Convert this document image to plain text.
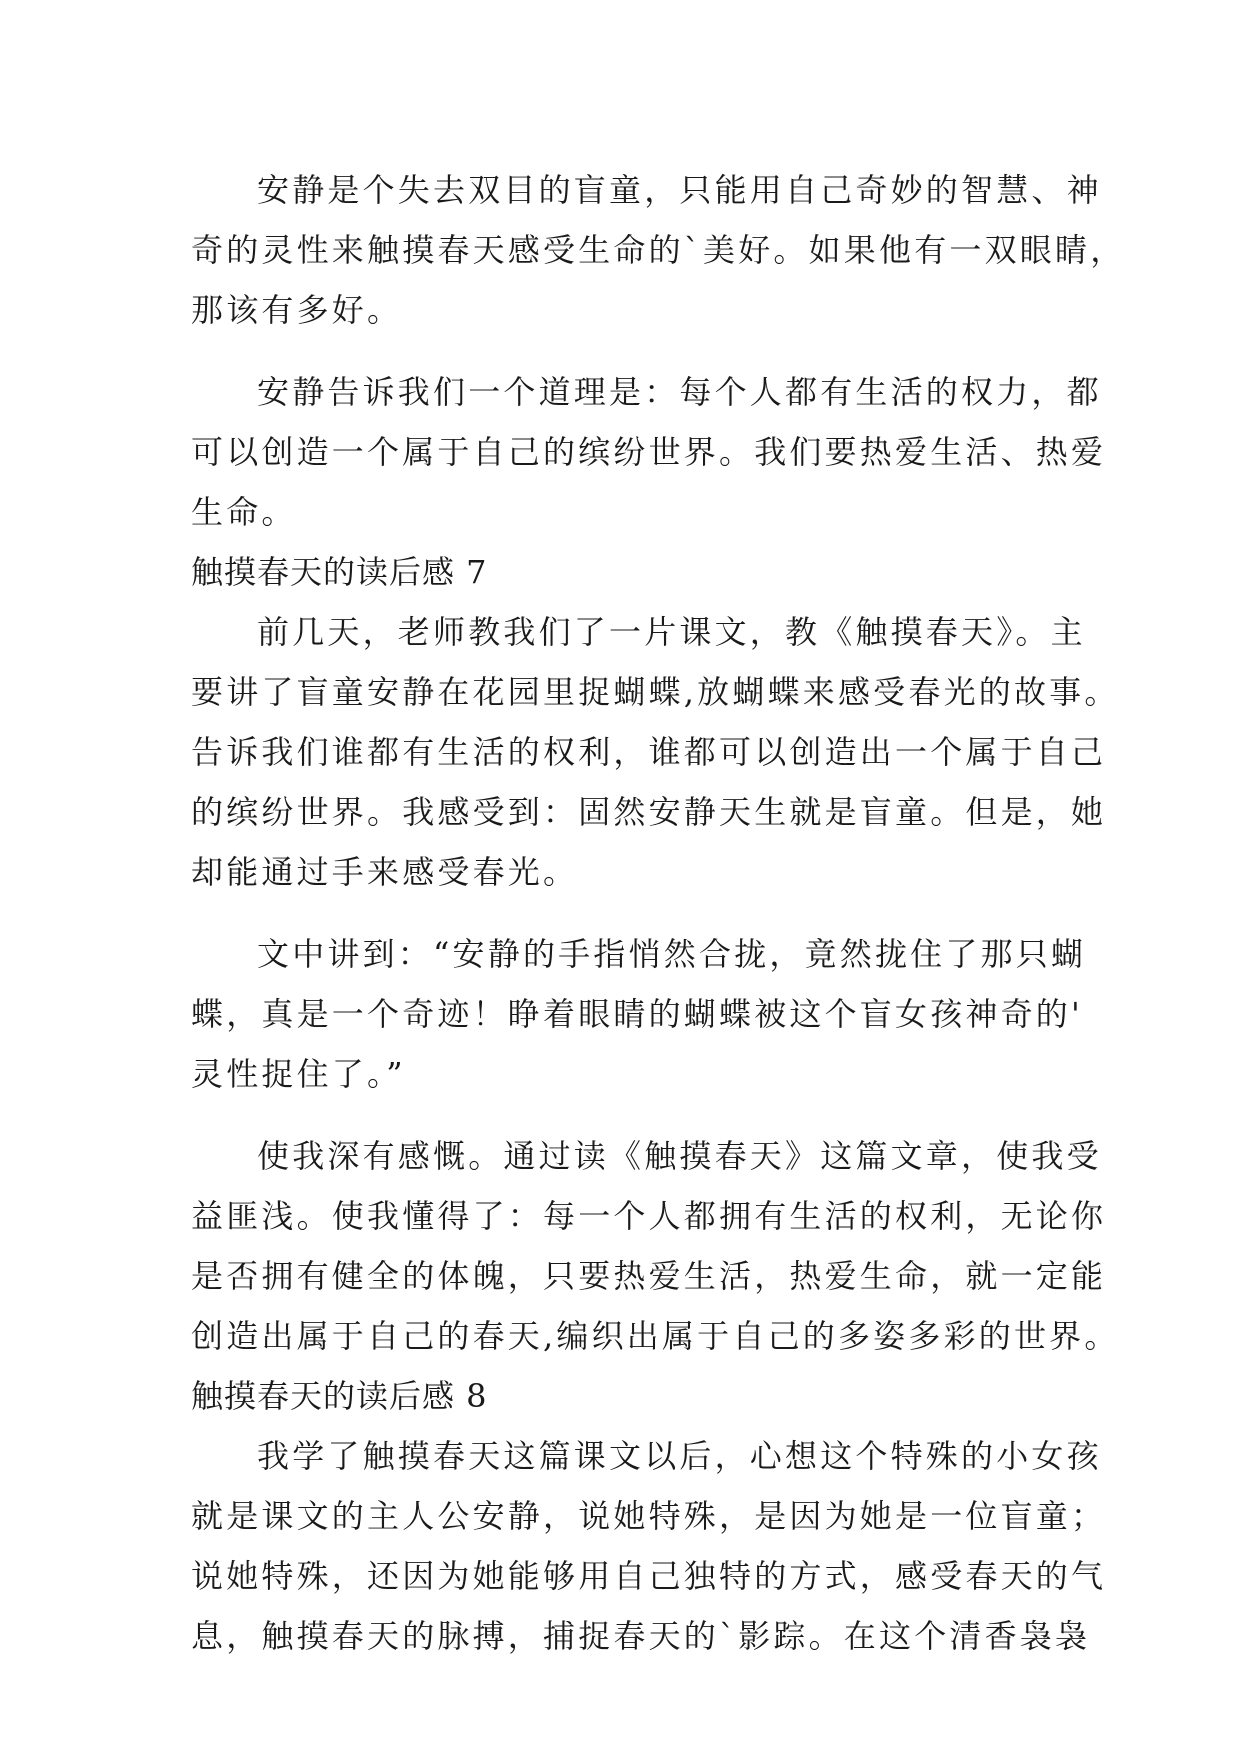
安静是个失去双目的盲童，只能用自己奇妙的智慧、神
奇的灵性来触摸春天感受生命的`美好。如果他有一双眼睛，
那该有多好。
安静告诉我们一个道理是：每个人都有生活的权力，都
可以创造一个属于自己的缤纷世界。我们要热爱生活、热爱
生命。
触摸春天的读后感 7
前几天，老师教我们了一片课文，教《触摸春天》。主
要讲了盲童安静在花园里捉蝴蝶,放蝴蝶来感受春光的故事。
告诉我们谁都有生活的权利，谁都可以创造出一个属于自己
的缤纷世界。我感受到：固然安静天生就是盲童。但是，她
却能通过手来感受春光。
文中讲到：“安静的手指悄然合拢，竟然拢住了那只蝴
蝶，真是一个奇迹！睁着眼睛的蝴蝶被这个盲女孩神奇的'
灵性捉住了。”
使我深有感慨。通过读《触摸春天》这篇文章，使我受
益匪浅。使我懂得了：每一个人都拥有生活的权利，无论你
是否拥有健全的体魄，只要热爱生活，热爱生命，就一定能
创造出属于自己的春天,编织出属于自己的多姿多彩的世界。
触摸春天的读后感 8
我学了触摸春天这篇课文以后，心想这个特殊的小女孩
就是课文的主人公安静，说她特殊，是因为她是一位盲童；
说她特殊，还因为她能够用自己独特的方式，感受春天的气
息，触摸春天的脉搏，捕捉春天的`影踪。在这个清香袅袅
